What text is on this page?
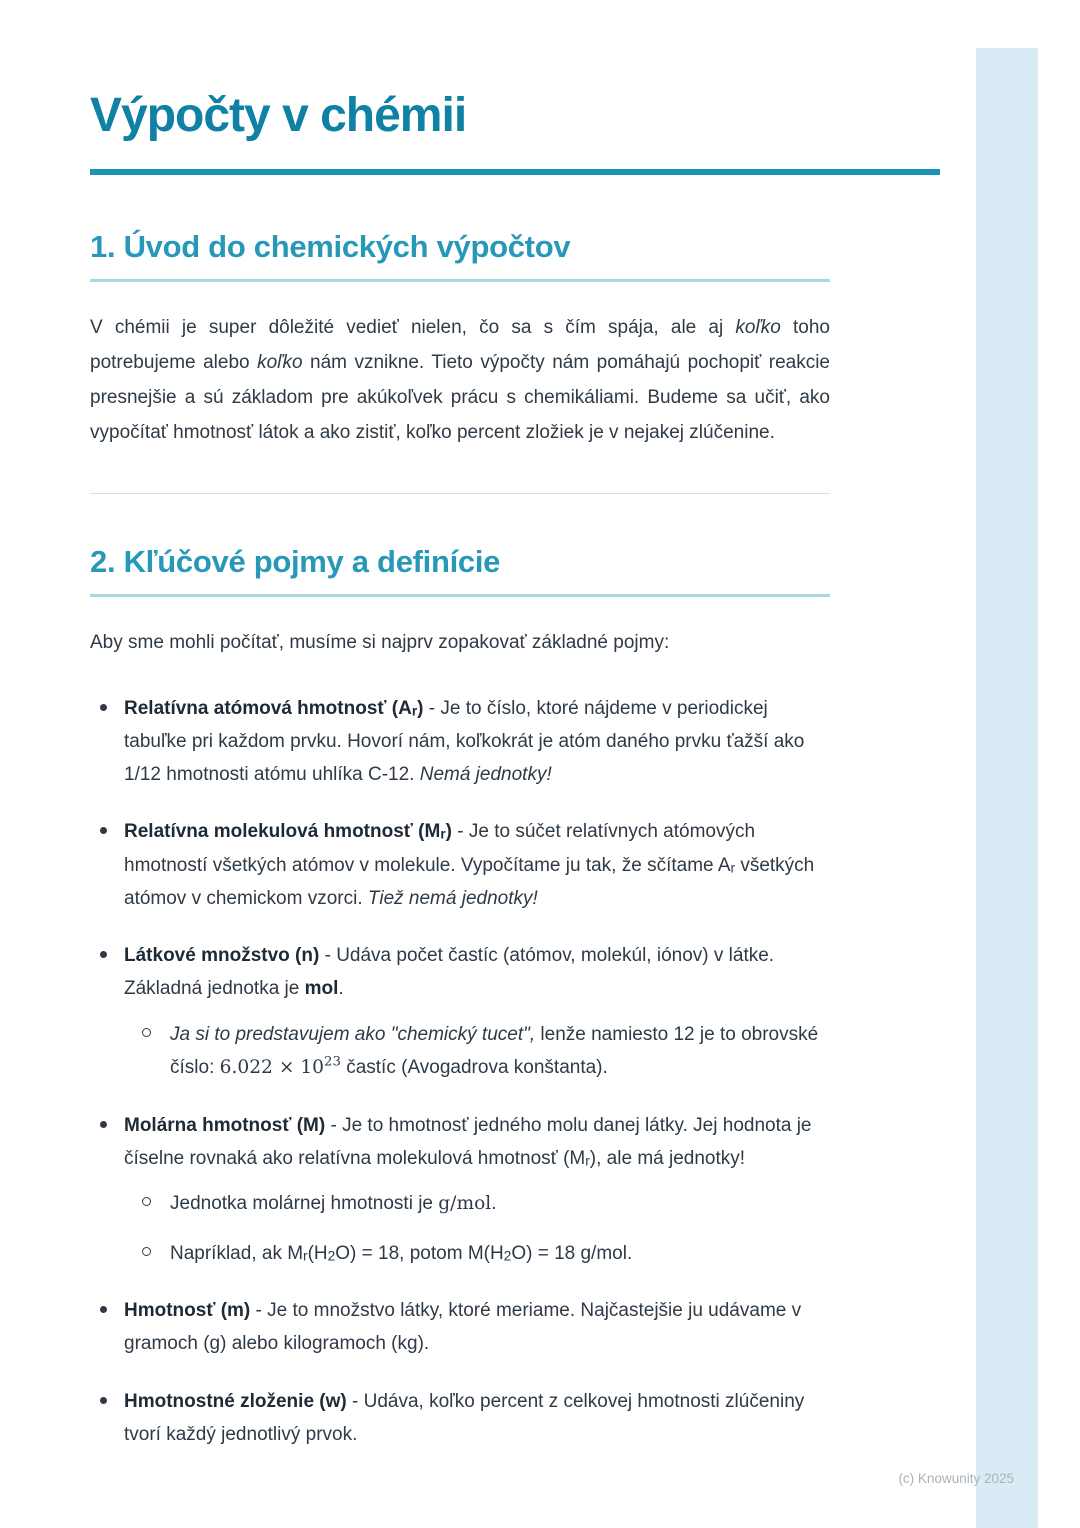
Výpočty v chémii
1. Úvod do chemických výpočtov

V chémii je super dôležité vedieť nielen, čo sa s čím spája, ale aj koľko toho potrebujeme alebo koľko nám vznikne. Tieto výpočty nám pomáhajú pochopiť reakcie presnejšie a sú základom pre akúkoľvek prácu s chemikáliami. Budeme sa učiť, ako vypočítať hmotnosť látok a ako zistiť, koľko percent zložiek je v nejakej zlúčenine.

2. Kľúčové pojmy a definície

Aby sme mohli počítať, musíme si najprv zopakovať základné pojmy:

Relatívna atómová hmotnosť (Ar) - Je to číslo, ktoré nájdeme v periodickej tabuľke pri každom prvku. Hovorí nám, koľkokrát je atóm daného prvku ťažší ako 1/12 hmotnosti atómu uhlíka C-12. Nemá jednotky!
Relatívna molekulová hmotnosť (Mr) - Je to súčet relatívnych atómových hmotností všetkých atómov v molekule. Vypočítame ju tak, že sčítame Ar všetkých atómov v chemickom vzorci. Tiež nemá jednotky!
Látkové množstvo (n) - Udáva počet častíc (atómov, molekúl, iónov) v látke. Základná jednotka je mol.
Ja si to predstavujem ako "chemický tucet", lenže namiesto 12 je to obrovské číslo: $6.022 \times 10^{23}$ častíc (Avogadrova konštanta).
Molárna hmotnosť (M) - Je to hmotnosť jedného molu danej látky. Jej hodnota je číselne rovnaká ako relatívna molekulová hmotnosť (Mr), ale má jednotky!
Jednotka molárnej hmotnosti je g/mol.
Napríklad, ak Mr(H2O) = 18, potom M(H2O) = 18 g/mol.
Hmotnosť (m) - Je to množstvo látky, ktoré meriame. Najčastejšie ju udávame v gramoch (g) alebo kilogramoch (kg).
Hmotnostné zloženie (w) - Udáva, koľko percent z celkovej hmotnosti zlúčeniny tvorí každý jednotlivý prvok.
(c) Knowunity 2025
